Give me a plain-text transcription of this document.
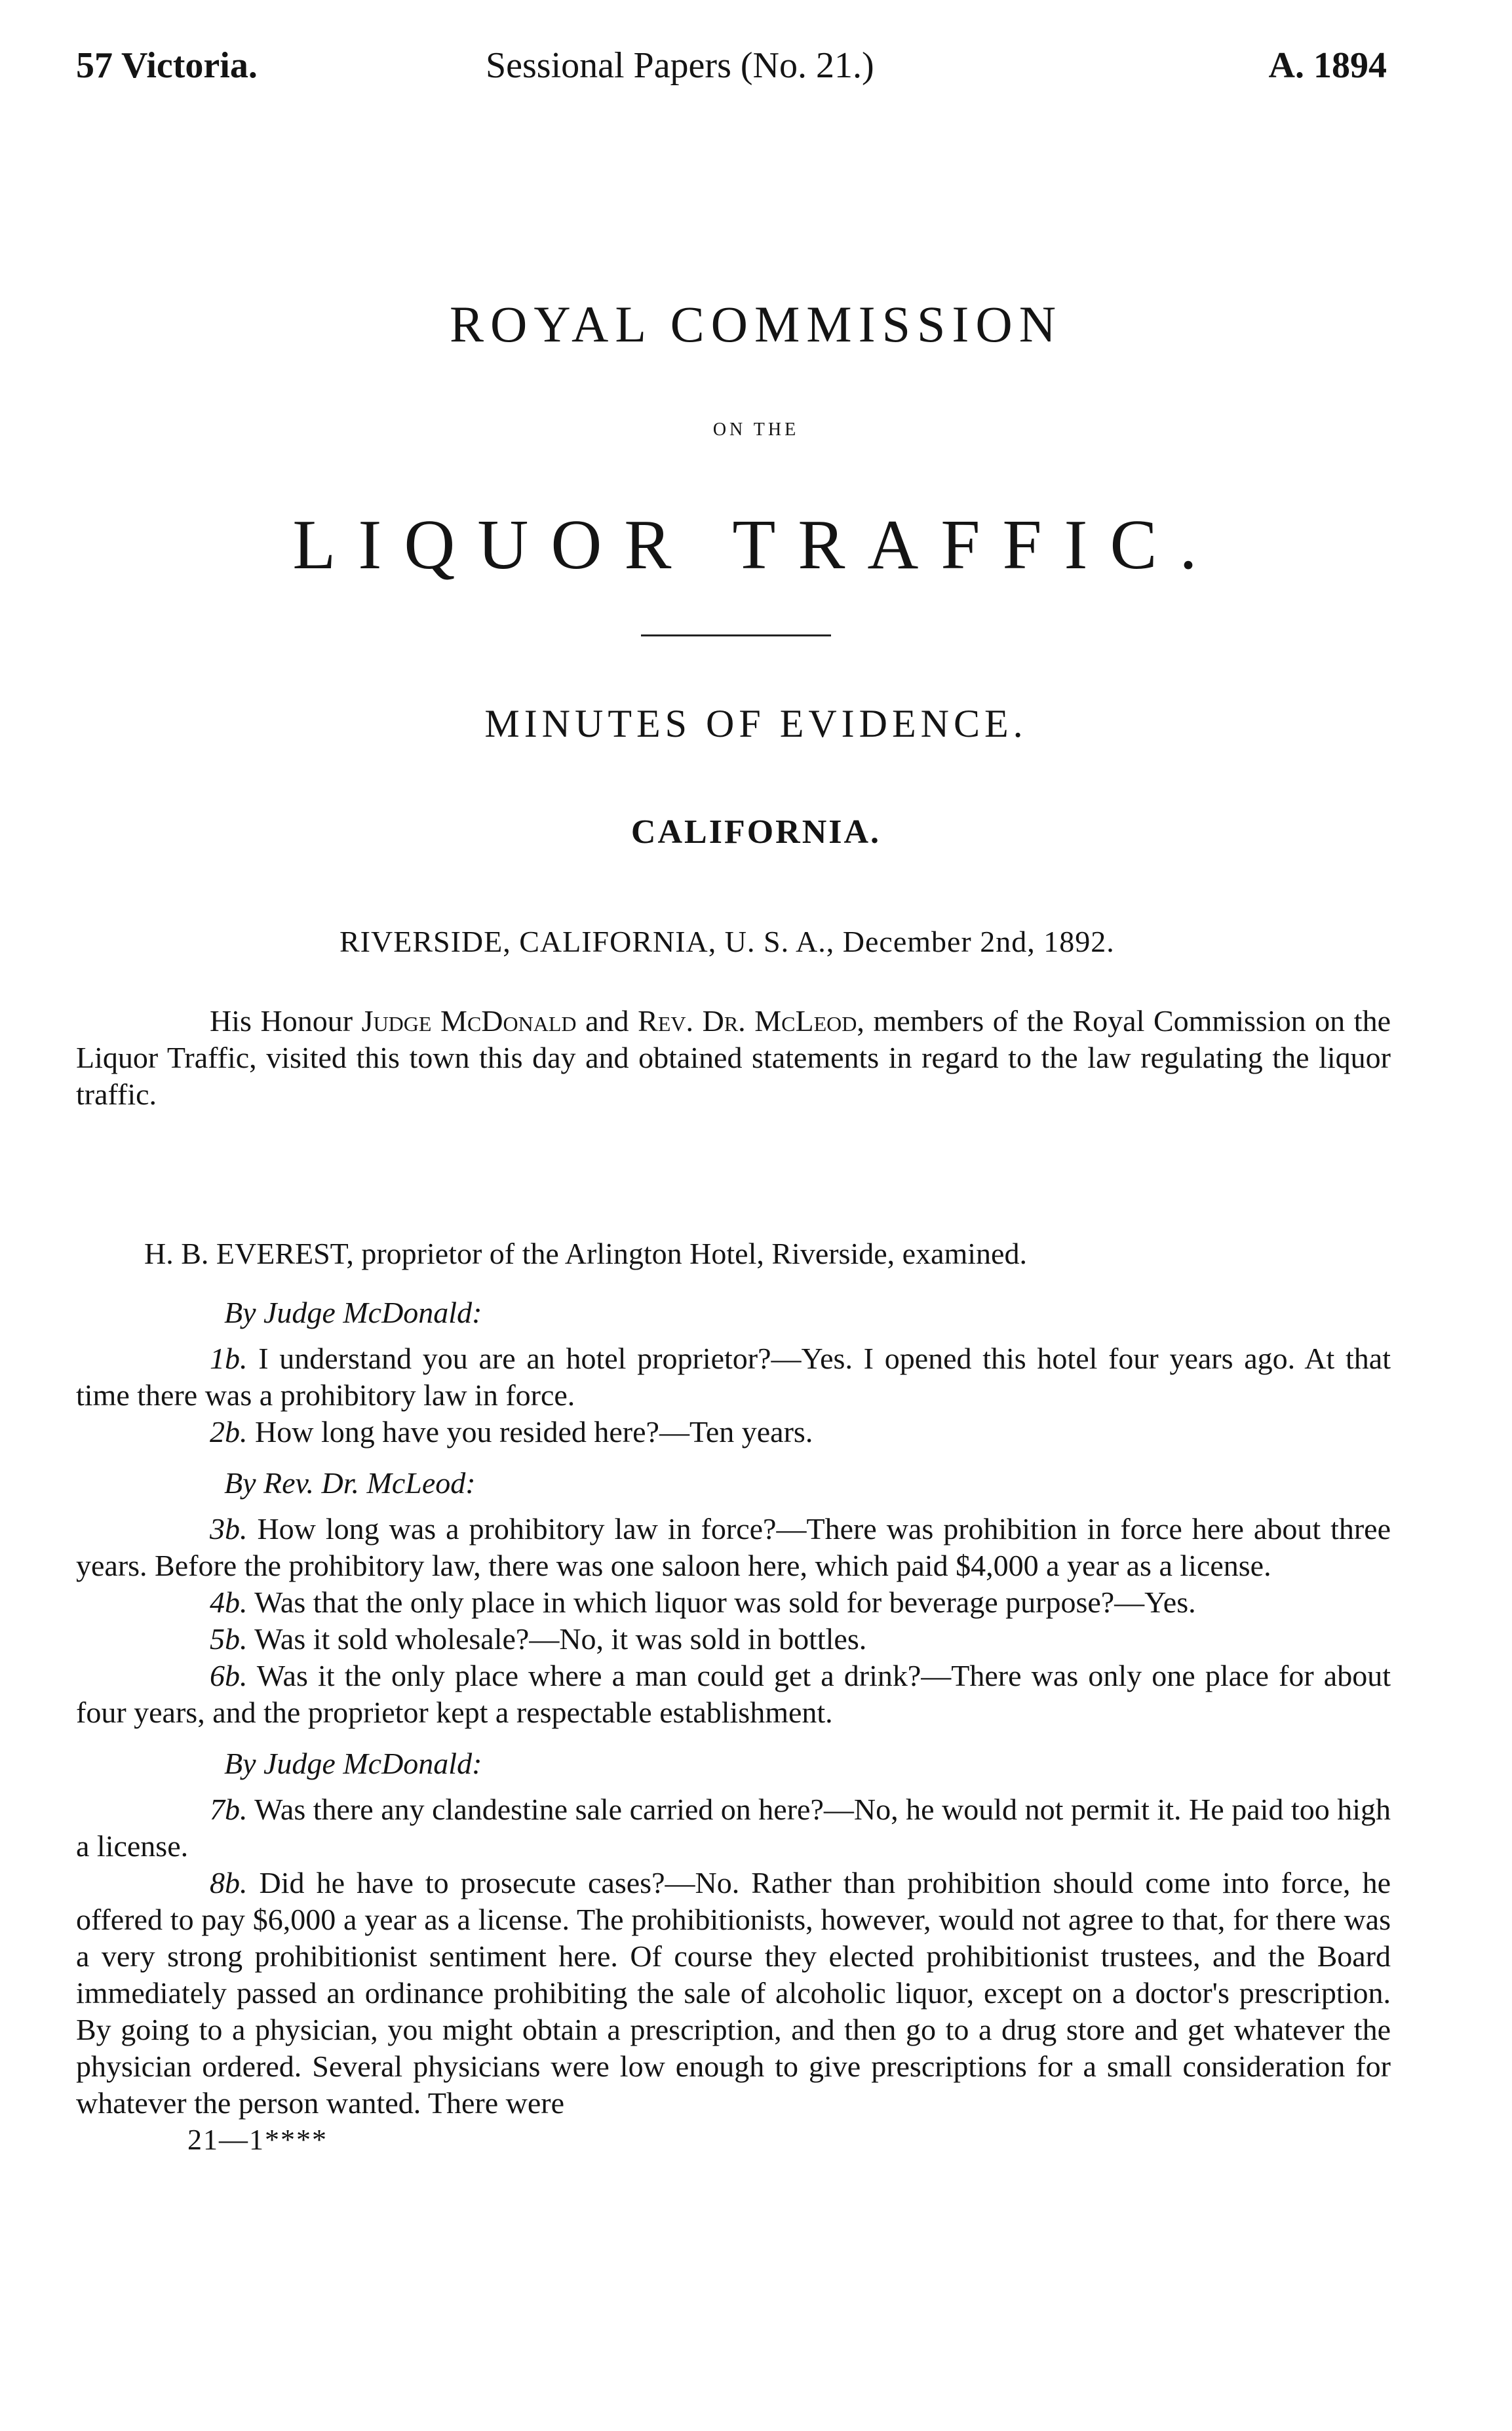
57 Victoria.	Sessional Papers (No. 21.)	A. 1894
ROYAL COMMISSION
ON THE
LIQUOR TRAFFIC.
MINUTES OF EVIDENCE.
CALIFORNIA.
RIVERSIDE, CALIFORNIA, U. S. A., December 2nd, 1892.

His Honour Judge McDonald and Rev. Dr. McLeod, members of the Royal Commission on the Liquor Traffic, visited this town this day and obtained statements in regard to the law regulating the liquor traffic.

H. B. EVEREST, proprietor of the Arlington Hotel, Riverside, examined.
By Judge McDonald:

1b. I understand you are an hotel proprietor?—Yes. I opened this hotel four years ago. At that time there was a prohibitory law in force.

2b. How long have you resided here?—Ten years.

By Rev. Dr. McLeod:

3b. How long was a prohibitory law in force?—There was prohibition in force here about three years. Before the prohibitory law, there was one saloon here, which paid $4,000 a year as a license.

4b. Was that the only place in which liquor was sold for beverage purpose?—Yes.

5b. Was it sold wholesale?—No, it was sold in bottles.

6b. Was it the only place where a man could get a drink?—There was only one place for about four years, and the proprietor kept a respectable establishment.

By Judge McDonald:

7b. Was there any clandestine sale carried on here?—No, he would not permit it. He paid too high a license.

8b. Did he have to prosecute cases?—No. Rather than prohibition should come into force, he offered to pay $6,000 a year as a license. The prohibitionists, however, would not agree to that, for there was a very strong prohibitionist sentiment here. Of course they elected prohibitionist trustees, and the Board immediately passed an ordinance prohibiting the sale of alcoholic liquor, except on a doctor's prescription. By going to a physician, you might obtain a prescription, and then go to a drug store and get whatever the physician ordered. Several physicians were low enough to give prescriptions for a small consideration for whatever the person wanted. There were

21—1****
